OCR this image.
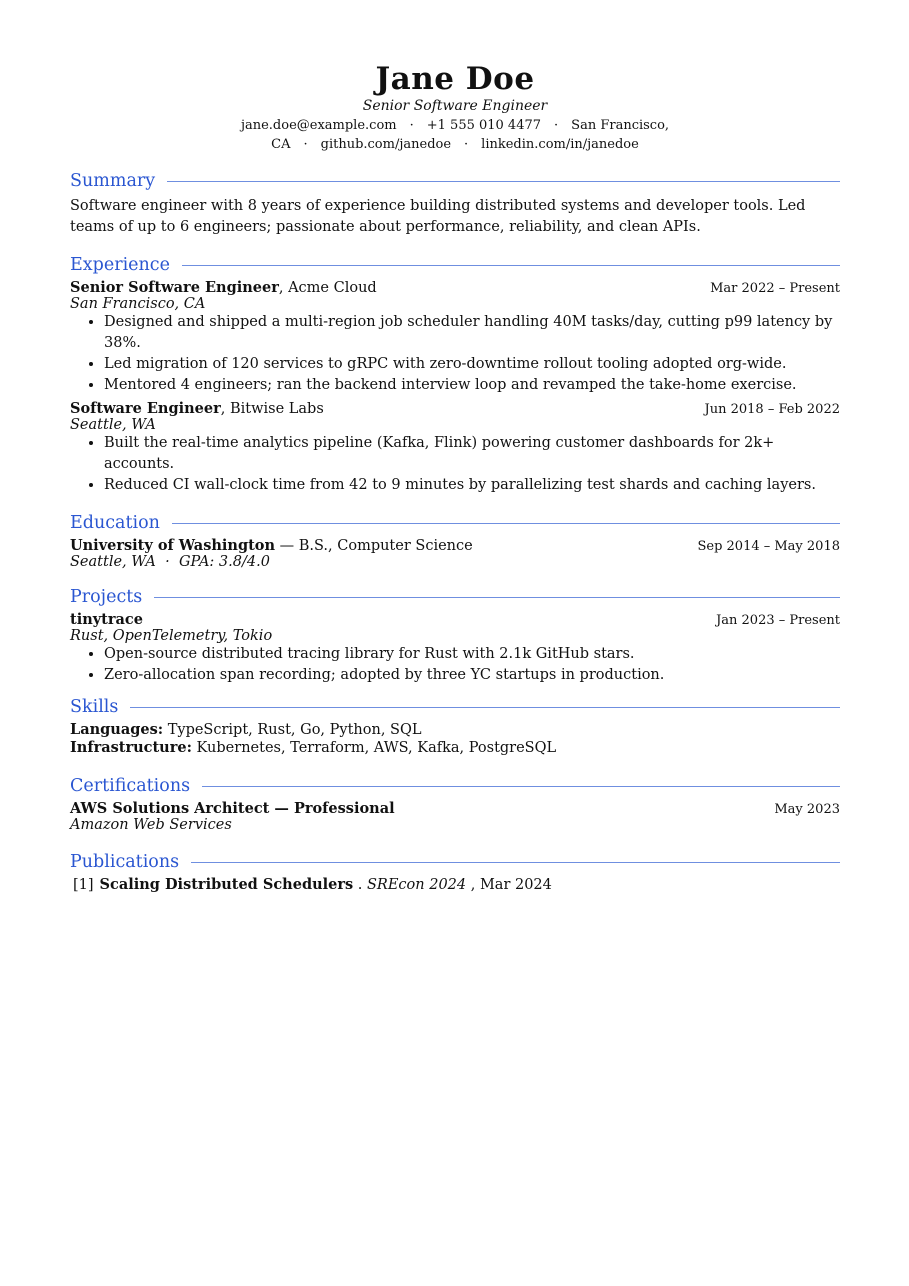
Jane Doe
Senior Software Engineer
jane.doe@example.com · +1 555 010 4477 · San Francisco, CA · github.com/janedoe · linkedin.com/in/janedoe
Summary

Software engineer with 8 years of experience building distributed systems and developer tools. Led teams of up to 6 engineers; passionate about performance, reliability, and clean APIs.

Experience
Senior Software Engineer, Acme Cloud	Mar 2022 – Present
San Francisco, CA
• Designed and shipped a multi-region job scheduler handling 40M tasks/day, cutting p99 latency by 38%.
• Led migration of 120 services to gRPC with zero-downtime rollout tooling adopted org-wide.
• Mentored 4 engineers; ran the backend interview loop and revamped the take-home exercise.
Software Engineer, Bitwise Labs	Jun 2018 – Feb 2022
Seattle, WA
• Built the real-time analytics pipeline (Kafka, Flink) powering customer dashboards for 2k+ accounts.
• Reduced CI wall-clock time from 42 to 9 minutes by parallelizing test shards and caching layers.
Education
University of Washington — B.S., Computer Science	Sep 2014 – May 2018
Seattle, WA  ·  GPA: 3.8/4.0
Projects
tinytrace	Jan 2023 – Present
Rust, OpenTelemetry, Tokio
• Open-source distributed tracing library for Rust with 2.1k GitHub stars.
• Zero-allocation span recording; adopted by three YC startups in production.
Skills
Languages: TypeScript, Rust, Go, Python, SQL
Infrastructure: Kubernetes, Terraform, AWS, Kafka, PostgreSQL
Certifications
AWS Solutions Architect — Professional	May 2023
Amazon Web Services
Publications
[1] Scaling Distributed Schedulers . SREcon 2024 , Mar 2024
